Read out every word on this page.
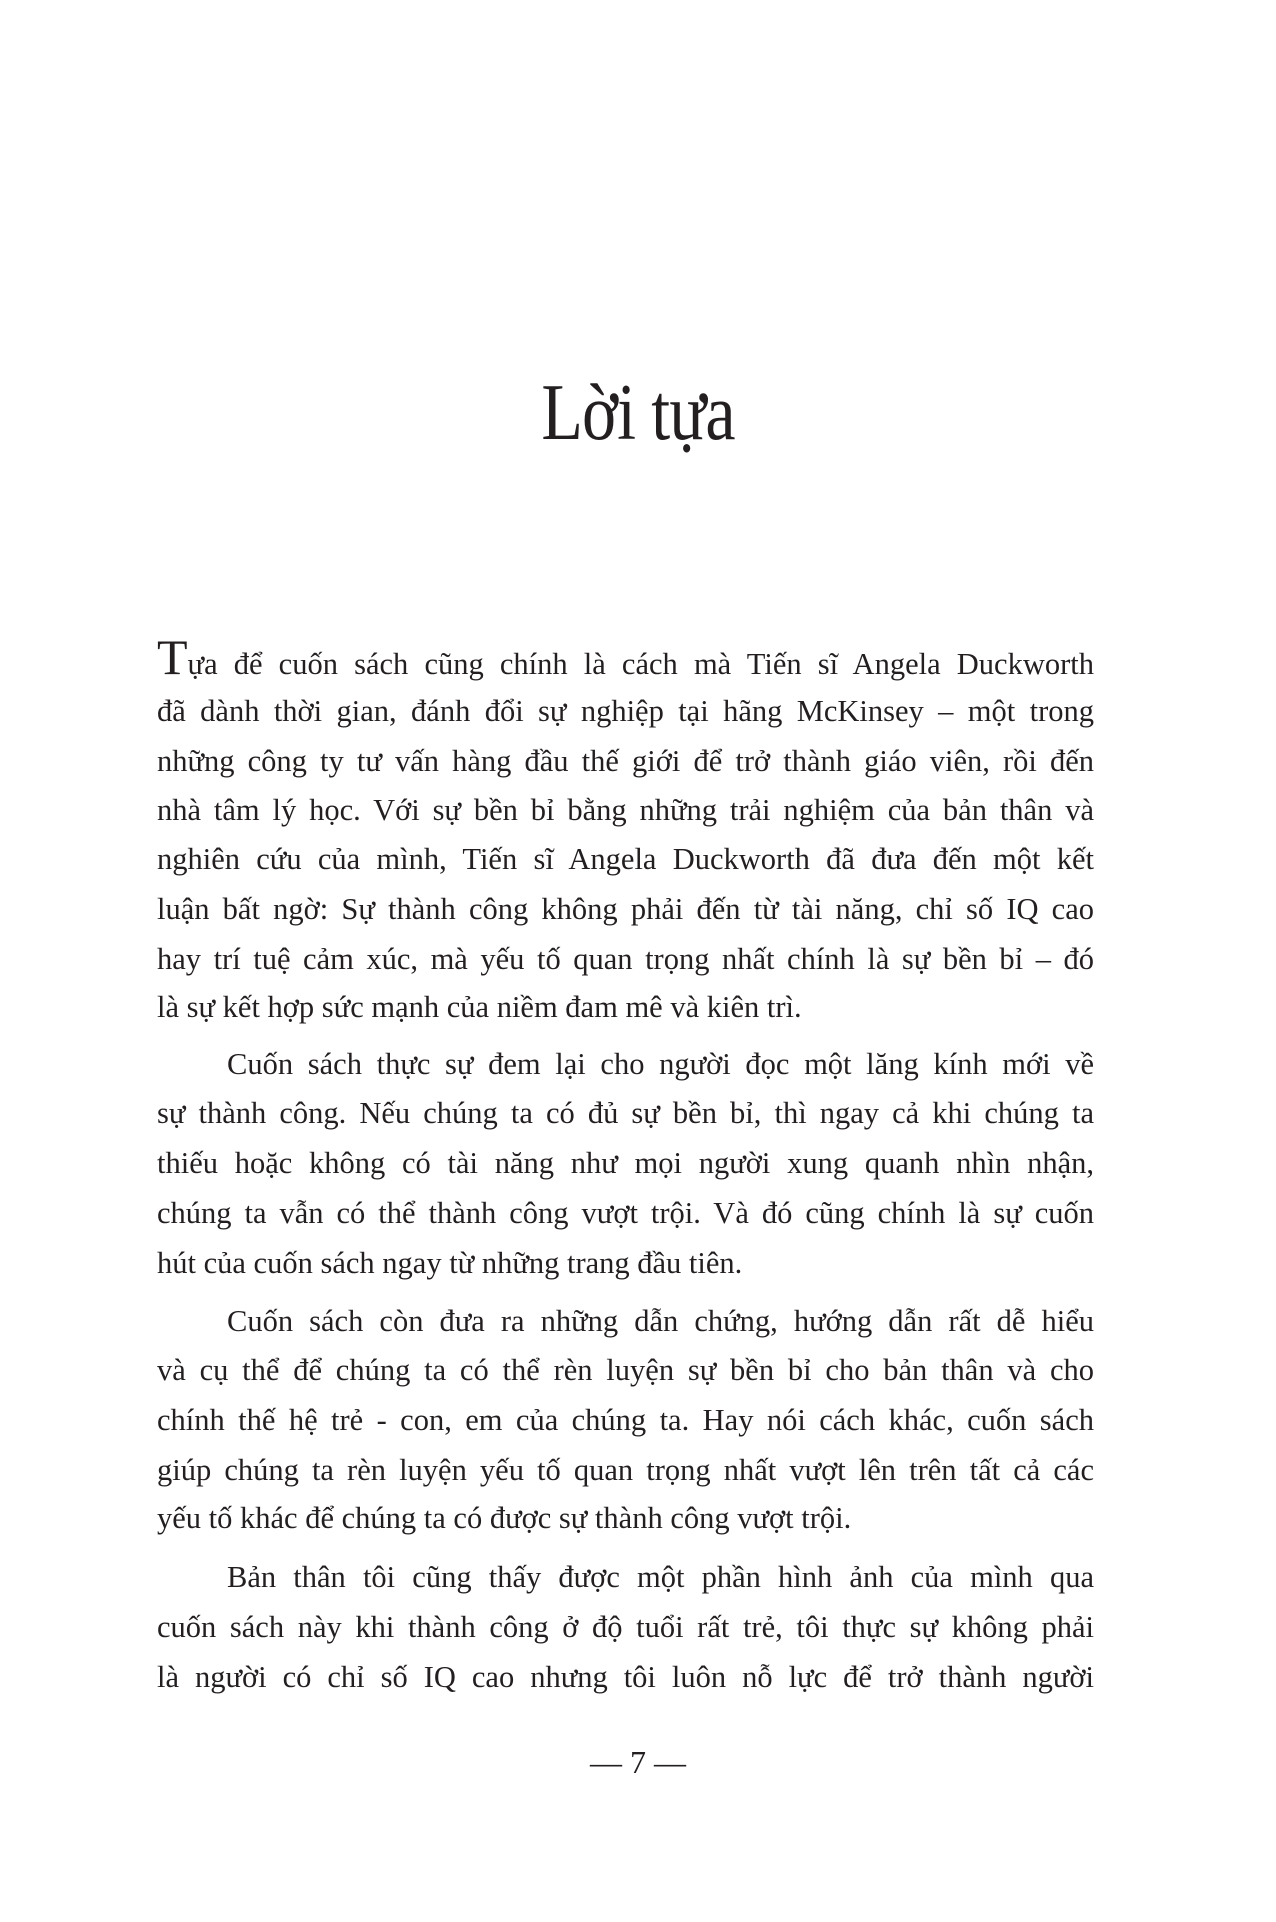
Lời tựa
Tựa để cuốn sách cũng chính là cách mà Tiến sĩ Angela Duckworth
đã dành thời gian, đánh đổi sự nghiệp tại hãng McKinsey – một trong
những công ty tư vấn hàng đầu thế giới để trở thành giáo viên, rồi đến
nhà tâm lý học. Với sự bền bỉ bằng những trải nghiệm của bản thân và
nghiên cứu của mình, Tiến sĩ Angela Duckworth đã đưa đến một kết
luận bất ngờ: Sự thành công không phải đến từ tài năng, chỉ số IQ cao
hay trí tuệ cảm xúc, mà yếu tố quan trọng nhất chính là sự bền bỉ – đó
là sự kết hợp sức mạnh của niềm đam mê và kiên trì.
Cuốn sách thực sự đem lại cho người đọc một lăng kính mới về
sự thành công. Nếu chúng ta có đủ sự bền bỉ, thì ngay cả khi chúng ta
thiếu hoặc không có tài năng như mọi người xung quanh nhìn nhận,
chúng ta vẫn có thể thành công vượt trội. Và đó cũng chính là sự cuốn
hút của cuốn sách ngay từ những trang đầu tiên.
Cuốn sách còn đưa ra những dẫn chứng, hướng dẫn rất dễ hiểu
và cụ thể để chúng ta có thể rèn luyện sự bền bỉ cho bản thân và cho
chính thế hệ trẻ - con, em của chúng ta. Hay nói cách khác, cuốn sách
giúp chúng ta rèn luyện yếu tố quan trọng nhất vượt lên trên tất cả các
yếu tố khác để chúng ta có được sự thành công vượt trội.
Bản thân tôi cũng thấy được một phần hình ảnh của mình qua
cuốn sách này khi thành công ở độ tuổi rất trẻ, tôi thực sự không phải
là người có chỉ số IQ cao nhưng tôi luôn nỗ lực để trở thành người
— 7 —
